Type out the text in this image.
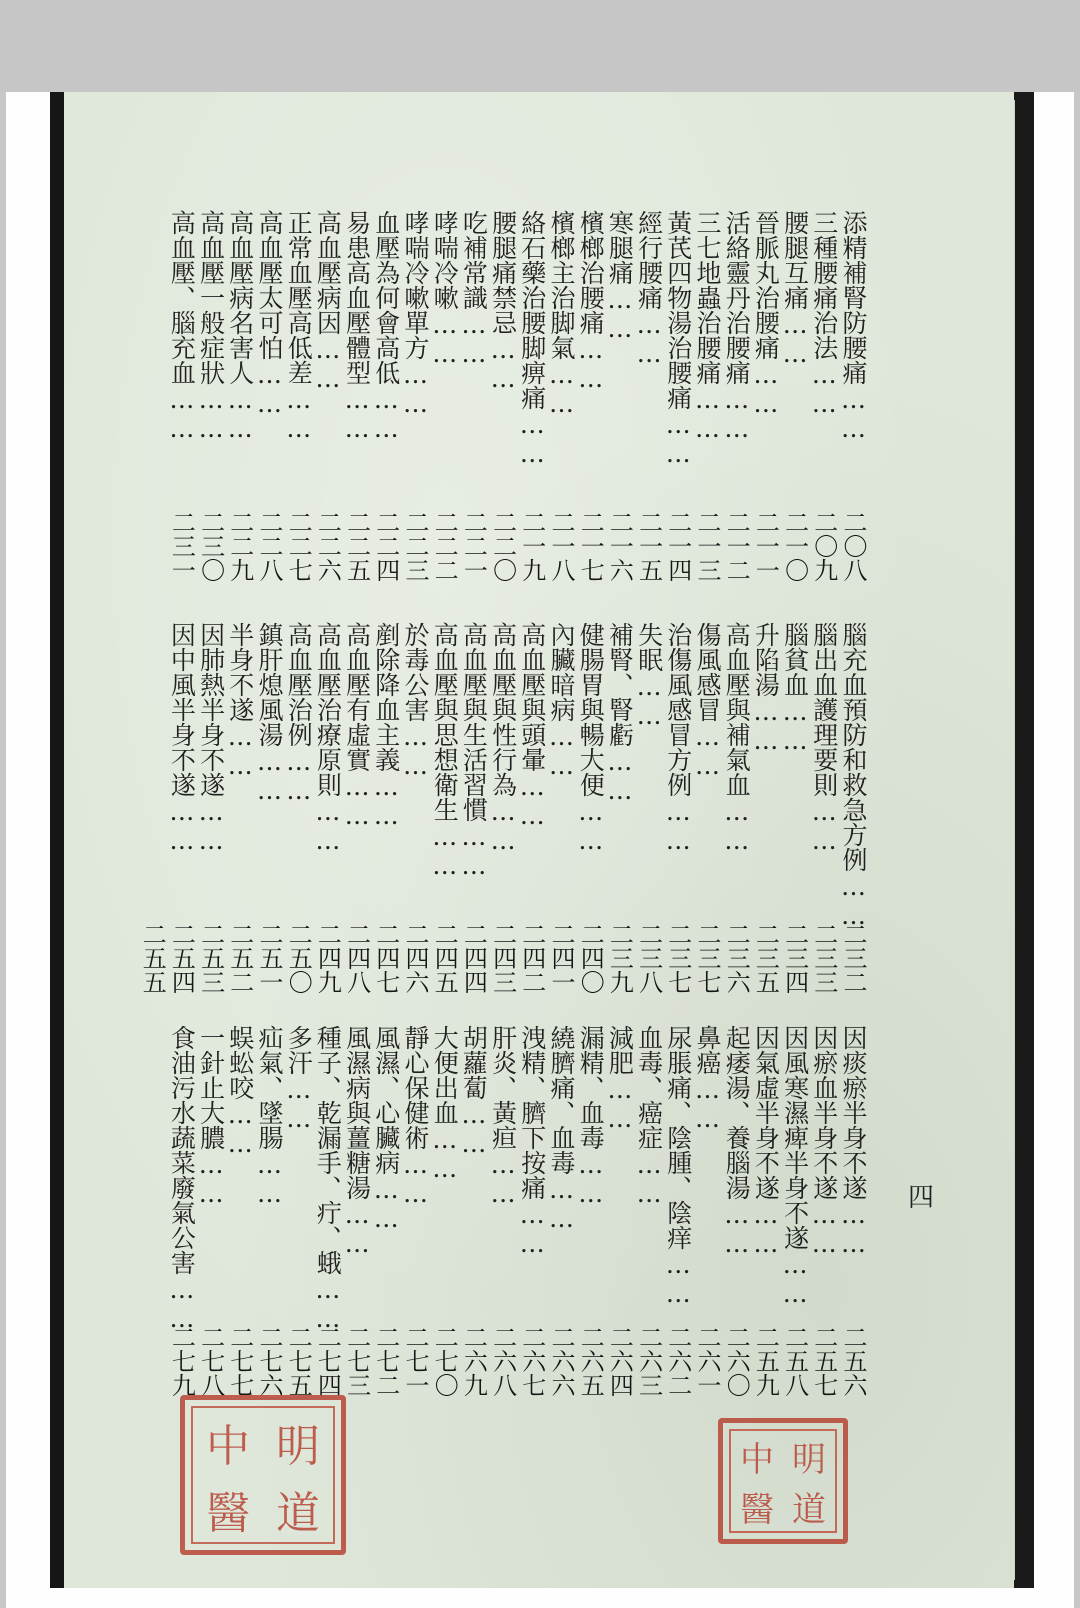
添精補腎防腰痛……
二〇八
三種腰痛治法……
二〇九
腰腿互痛……
二一〇
晉脈丸治腰痛……
二一一
活絡靈丹治腰痛……
二一二
三七地蟲治腰痛……
二一三
黃芪四物湯治腰痛……
二一四
經行腰痛……
二一五
寒腿痛……
二一六
檳榔治腰痛……
二一七
檳榔主治脚氣……
二一八
絡石藥治腰脚痹痛……
二一九
腰腿痛禁忌……
二二〇
吃補常識……
二二一
哮喘冷嗽……
二二二
哮喘冷嗽單方……
二二三
血壓為何會高低……
二二四
易患高血壓體型……
二二五
高血壓病因……
二二六
正常血壓高低差……
二二七
高血壓太可怕……
二二八
高血壓病名害人……
二二九
高血壓一般症狀……
二三〇
高血壓、腦充血……
二三一
腦充血預防和救急方例……
二三二
腦出血護理要則……
二三三
腦貧血……
二三四
升陷湯……
二三五
高血壓與補氣血……
二三六
傷風感冒……
二三七
治傷風感冒方例……
二三七
失眠……
二三八
補腎、腎虧……
二三九
健腸胃與暢大便……
二四〇
內臟暗病……
二四一
高血壓與頭暈……
二四二
高血壓與性行為……
二四三
高血壓與生活習慣……
二四四
高血壓與思想衛生……
二四五
於毒公害……
二四六
剷除降血主義……
二四七
高血壓有虛實……
二四八
高血壓治療原則……
二四九
高血壓治例……
二五〇
鎮肝熄風湯……
二五一
半身不遂……
二五二
因肺熱半身不遂……
二五三
因中風半身不遂……
二五四
二五五
因痰瘀半身不遂……
二五六
因瘀血半身不遂……
二五七
因風寒濕痺半身不遂……
二五八
因氣虛半身不遂……
二五九
起痿湯、養腦湯……
二六〇
鼻癌……
二六一
尿脹痛、陰腫、陰痒……
二六二
血毒、癌症……
二六三
減肥……
二六四
漏精、血毒……
二六五
繞臍痛、血毒……
二六六
洩精、臍下按痛……
二六七
肝炎、黃疸……
二六八
胡蘿蔔……
二六九
大便出血……
二七〇
靜心保健術……
二七一
風濕、心臟病……
二七二
風濕病與薑糖湯……
二七三
種子、乾漏手、疔、蛾……
二七四
多汗……
二七五
疝氣、墜腸……
二七六
蜈蚣咬……
二七七
一針止大膿……
二七八
食油污水蔬菜廢氣公害……
二七九
四
中 明
醫 道
中 明
醫 道
